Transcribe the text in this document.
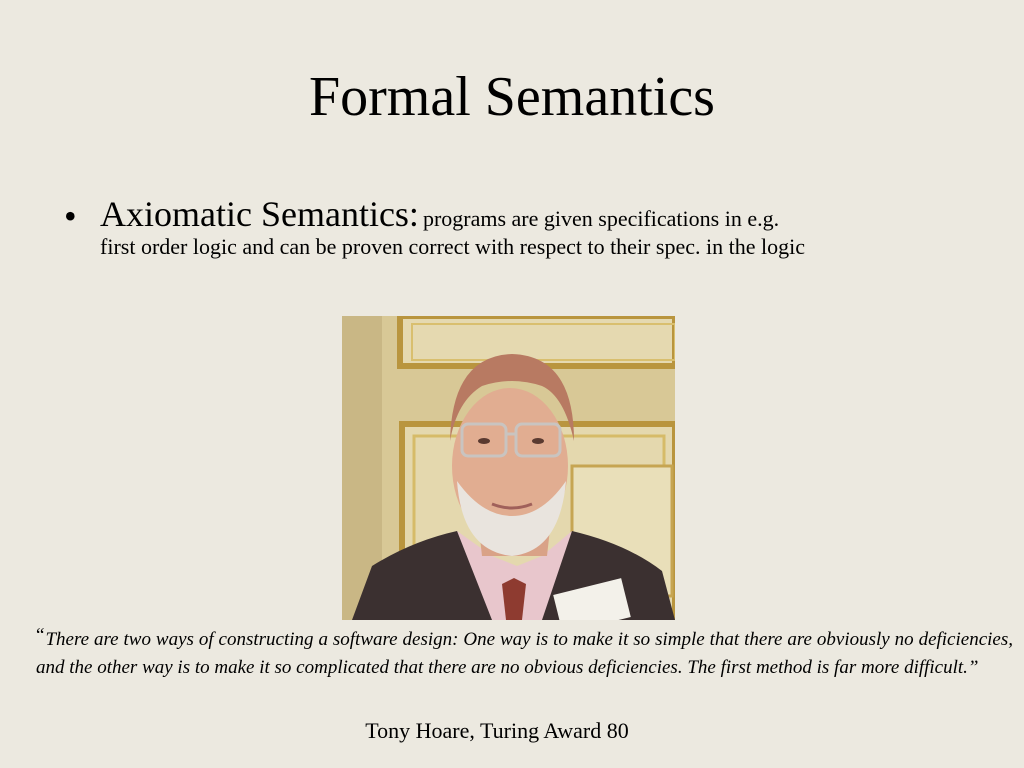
Formal Semantics
• Axiomatic Semantics: programs are given specifications in e.g.
first order logic and can be proven correct with respect to their spec. in the logic
“There are two ways of constructing a software design: One way is to make it so simple that there are obviously no deficiencies, and the other way is to make it so complicated that there are no obvious deficiencies. The first method is far more difficult.”
Tony Hoare, Turing Award 80
